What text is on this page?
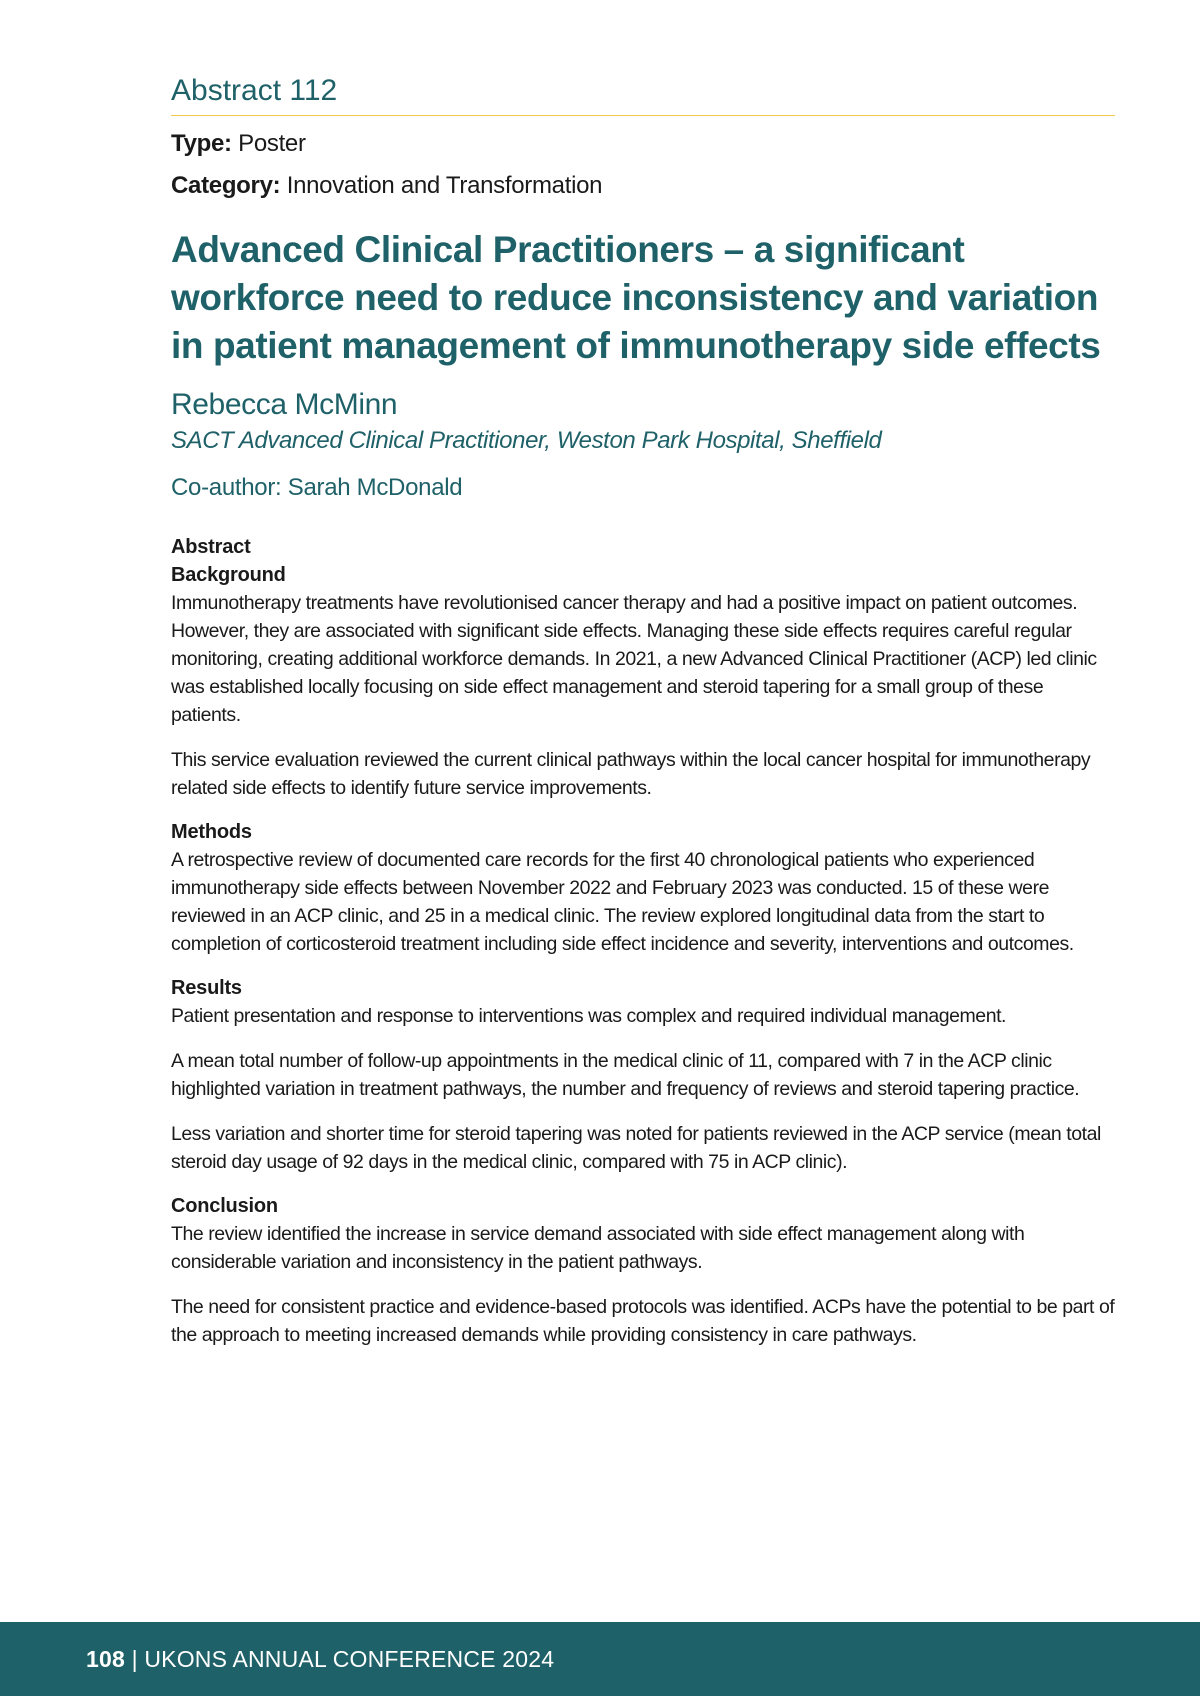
Abstract 112
Type: Poster
Category: Innovation and Transformation
Advanced Clinical Practitioners – a significant workforce need to reduce inconsistency and variation in patient management of immunotherapy side effects
Rebecca McMinn
SACT Advanced Clinical Practitioner, Weston Park Hospital, Sheffield
Co-author: Sarah McDonald
Abstract
Background

Immunotherapy treatments have revolutionised cancer therapy and had a positive impact on patient outcomes. However, they are associated with significant side effects. Managing these side effects requires careful regular monitoring, creating additional workforce demands. In 2021, a new Advanced Clinical Practitioner (ACP) led clinic was established locally focusing on side effect management and steroid tapering for a small group of these patients.

This service evaluation reviewed the current clinical pathways within the local cancer hospital for immunotherapy related side effects to identify future service improvements.

Methods

A retrospective review of documented care records for the first 40 chronological patients who experienced immunotherapy side effects between November 2022 and February 2023 was conducted. 15 of these were reviewed in an ACP clinic, and 25 in a medical clinic. The review explored longitudinal data from the start to completion of corticosteroid treatment including side effect incidence and severity, interventions and outcomes.

Results

Patient presentation and response to interventions was complex and required individual management.

A mean total number of follow-up appointments in the medical clinic of 11, compared with 7 in the ACP clinic highlighted variation in treatment pathways, the number and frequency of reviews and steroid tapering practice.

Less variation and shorter time for steroid tapering was noted for patients reviewed in the ACP service (mean total steroid day usage of 92 days in the medical clinic, compared with 75 in ACP clinic).

Conclusion

The review identified the increase in service demand associated with side effect management along with considerable variation and inconsistency in the patient pathways.

The need for consistent practice and evidence-based protocols was identified. ACPs have the potential to be part of the approach to meeting increased demands while providing consistency in care pathways.

108 | UKONS ANNUAL CONFERENCE 2024
